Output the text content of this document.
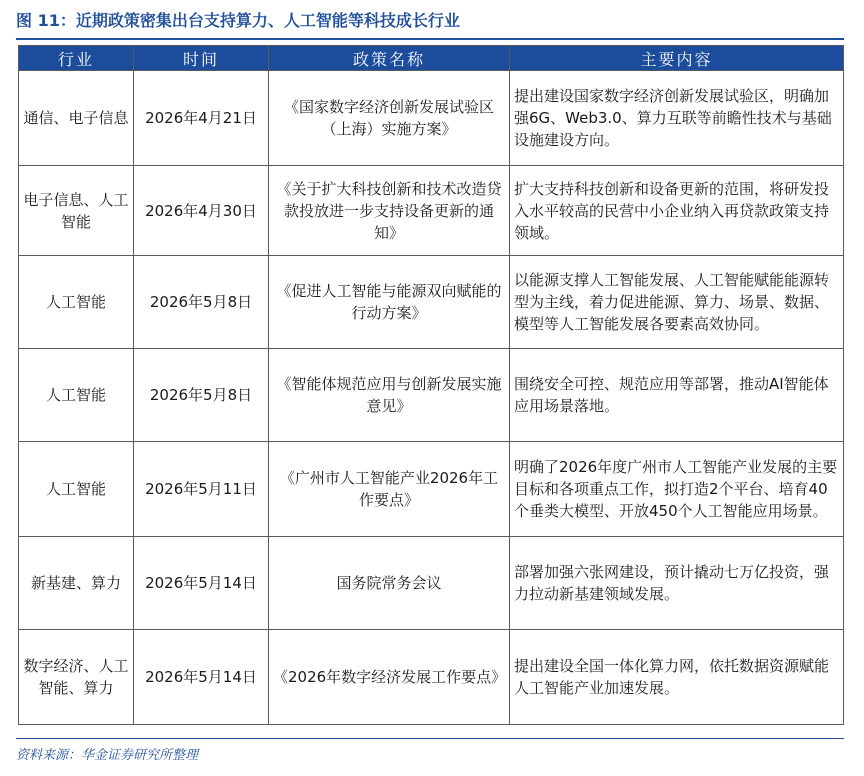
图 11：近期政策密集出台支持算力、人工智能等科技成长行业
行业	时间	政策名称	主要内容
通信、电子信息	2026年4月21日	《国家数字经济创新发展试验区（上海）实施方案》	提出建设国家数字经济创新发展试验区，明确加强6G、Web3.0、算力互联等前瞻性技术与基础设施建设方向。
电子信息、人工智能	2026年4月30日	《关于扩大科技创新和技术改造贷款投放进一步支持设备更新的通知》	扩大支持科技创新和设备更新的范围，将研发投入水平较高的民营中小企业纳入再贷款政策支持领域。
人工智能	2026年5月8日	《促进人工智能与能源双向赋能的行动方案》	以能源支撑人工智能发展、人工智能赋能能源转型为主线，着力促进能源、算力、场景、数据、模型等人工智能发展各要素高效协同。
人工智能	2026年5月8日	《智能体规范应用与创新发展实施意见》	围绕安全可控、规范应用等部署，推动AI智能体应用场景落地。
人工智能	2026年5月11日	《广州市人工智能产业2026年工作要点》	明确了2026年度广州市人工智能产业发展的主要目标和各项重点工作，拟打造2个平台、培育40个垂类大模型、开放450个人工智能应用场景。
新基建、算力	2026年5月14日	国务院常务会议	部署加强六张网建设，预计撬动七万亿投资，强力拉动新基建领域发展。
数字经济、人工智能、算力	2026年5月14日	《2026年数字经济发展工作要点》	提出建设全国一体化算力网，依托数据资源赋能人工智能产业加速发展。
资料来源：华金证券研究所整理
